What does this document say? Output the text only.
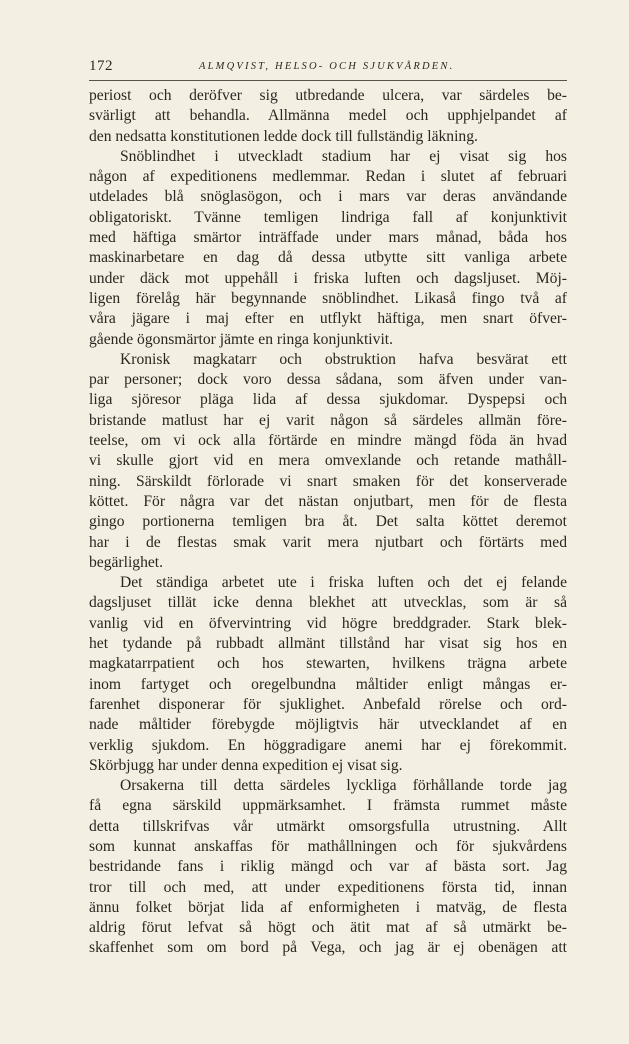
172	ALMQVIST, HELSO- OCH SJUKVÅRDEN.
periost och deröfver sig utbredande ulcera, var särdeles be-
svärligt att behandla. Allmänna medel och upphjelpandet af
den nedsatta konstitutionen ledde dock till fullständig läkning.
Snöblindhet i utveckladt stadium har ej visat sig hos
någon af expeditionens medlemmar. Redan i slutet af februari
utdelades blå snöglasögon, och i mars var deras användande
obligatoriskt. Tvänne temligen lindriga fall af konjunktivit
med häftiga smärtor inträffade under mars månad, båda hos
maskinarbetare en dag då dessa utbytte sitt vanliga arbete
under däck mot uppehåll i friska luften och dagsljuset. Möj-
ligen förelåg här begynnande snöblindhet. Likaså fingo två af
våra jägare i maj efter en utflykt häftiga, men snart öfver-
gående ögonsmärtor jämte en ringa konjunktivit.
Kronisk magkatarr och obstruktion hafva besvärat ett
par personer; dock voro dessa sådana, som äfven under van-
liga sjöresor pläga lida af dessa sjukdomar. Dyspepsi och
bristande matlust har ej varit någon så särdeles allmän före-
teelse, om vi ock alla förtärde en mindre mängd föda än hvad
vi skulle gjort vid en mera omvexlande och retande mathåll-
ning. Särskildt förlorade vi snart smaken för det konserverade
köttet. För några var det nästan onjutbart, men för de flesta
gingo portionerna temligen bra åt. Det salta köttet deremot
har i de flestas smak varit mera njutbart och förtärts med
begärlighet.
Det ständiga arbetet ute i friska luften och det ej felande
dagsljuset tillät icke denna blekhet att utvecklas, som är så
vanlig vid en öfvervintring vid högre breddgrader. Stark blek-
het tydande på rubbadt allmänt tillstånd har visat sig hos en
magkatarrpatient och hos stewarten, hvilkens trägna arbete
inom fartyget och oregelbundna måltider enligt mångas er-
farenhet disponerar för sjuklighet. Anbefald rörelse och ord-
nade måltider förebygde möjligtvis här utvecklandet af en
verklig sjukdom. En höggradigare anemi har ej förekommit.
Skörbjugg har under denna expedition ej visat sig.
Orsakerna till detta särdeles lyckliga förhållande torde jag
få egna särskild uppmärksamhet. I främsta rummet måste
detta tillskrifvas vår utmärkt omsorgsfulla utrustning. Allt
som kunnat anskaffas för mathållningen och för sjukvårdens
bestridande fans i riklig mängd och var af bästa sort. Jag
tror till och med, att under expeditionens första tid, innan
ännu folket börjat lida af enformigheten i matväg, de flesta
aldrig förut lefvat så högt och ätit mat af så utmärkt be-
skaffenhet som om bord på Vega, och jag är ej obenägen att
